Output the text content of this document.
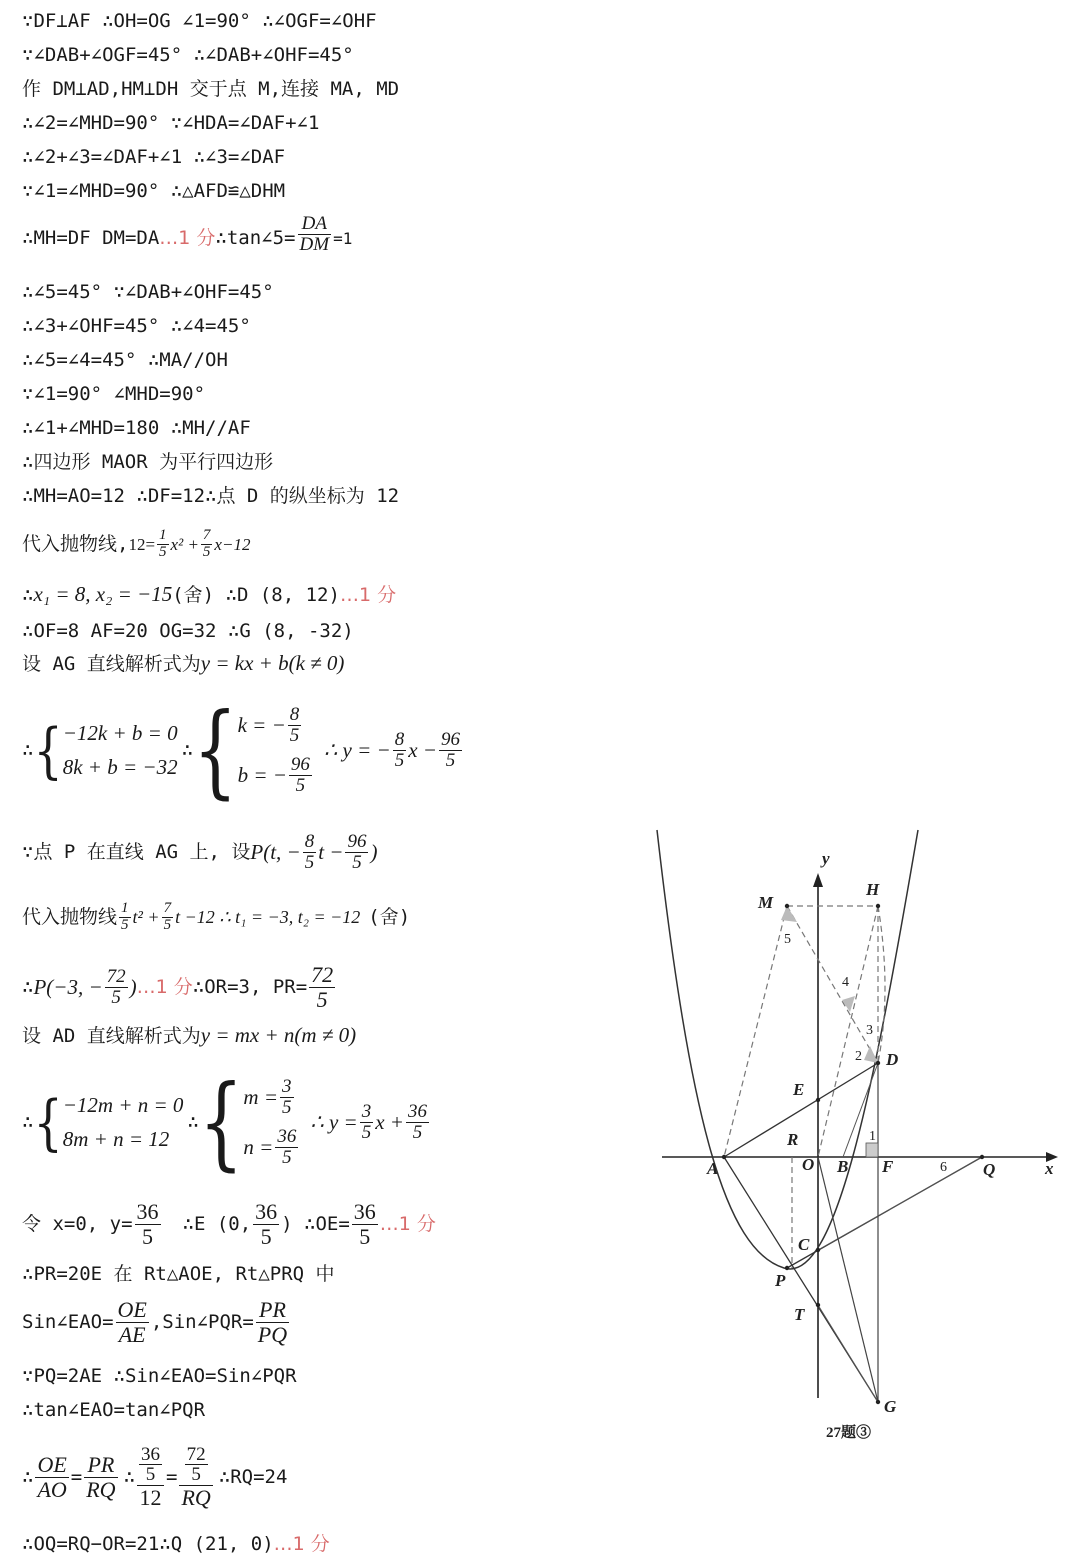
∵DF⊥AF ∴OH=OG ∠1=90° ∴∠OGF=∠OHF
∵∠DAB+∠OGF=45° ∴∠DAB+∠OHF=45°
作 DM⊥AD,HM⊥DH 交于点 M,连接 MA, MD
∴∠2=∠MHD=90° ∵∠HDA=∠DAF+∠1
∴∠2+∠3=∠DAF+∠1 ∴∠3=∠DAF
∵∠1=∠MHD=90° ∴△AFD≌△DHM
∴MH=DF DM=DA…1 分∴tan∠5= $\frac{DA}{DM} =1$
∴∠5=45° ∵∠DAB+∠OHF=45°
∴∠3+∠OHF=45° ∴∠4=45°
∴∠5=∠4=45° ∴MA//OH
∵∠1=90° ∠MHD=90°
∴∠1+∠MHD=180 ∴MH//AF
∴四边形 MAOR 为平行四边形
∴MH=AO=12 ∴DF=12∴点 D 的纵坐标为 12
代入抛物线$,12= \frac{1}{5} x^2 + \frac{7}{5} x-12$
∴x₁ = 8, x₂ = −15(舍) ∴D (8, 12)…1 分
∴OF=8 AF=20 OG=32 ∴G (8, -32)
设 AG 直线解析式为y = kx + b(k ≠ 0)
∴ { −12k + b = 0
8k + b = −32
∴ { k = − $\frac{8}{5}$
b = − $\frac{96}{5}$
∴ y = − $\frac{8}{5}$ $x - \frac{96}{5}$
∵点 P 在直线 AG 上, 设 P(t, − $\frac{8}{5}$ $t - \frac{96}{5}$ )
代入抛物线 $\frac{1}{5} t^2 + \frac{7}{5}$ t −12 ∴ t₁ = −3, t₂ = −12 (舍)
∴ P(−3, − $\frac{72}{5}$ ) … 1 分 ∴OR=3, $PR= \frac{72}{5}$
设 AD 直线解析式为y = mx + n(m ≠ 0)
∴ { −12m + n = 0
8m + n = 12
∴ { $m = \frac{3}{5}$
$n = \frac{36}{5}$
∴ $y = \frac{3}{5}$ $x + \frac{36}{5}$
令 x=0, $y= \frac{36}{5}$ ∴E (0, $\frac{36}{5}$ ) ∴OE= $\frac{36}{5}$ … 1 分
∴PR=20E 在 Rt△AOE, Rt△PRQ 中
Sin∠EAO= $\frac{OE}{AE}$ ,Sin∠PQR= $\frac{PR}{PQ}$
∵PQ=2AE ∴Sin∠EAO=Sin∠PQR
∴tan∠EAO=tan∠PQR
∴ $\frac{OE}{AO} = \frac{PR}{RQ}$ ∴ $\frac{\frac{36}{5}}{12} = \frac{\frac{72}{5}}{RQ}$ ∴RQ=24
∴OQ=RQ−OR=21∴Q (21, 0)…1 分
x
y
M
H
D
E
R
A	O B F	Q
C
P
T
G
5
4
3
2
1
6
27题③
